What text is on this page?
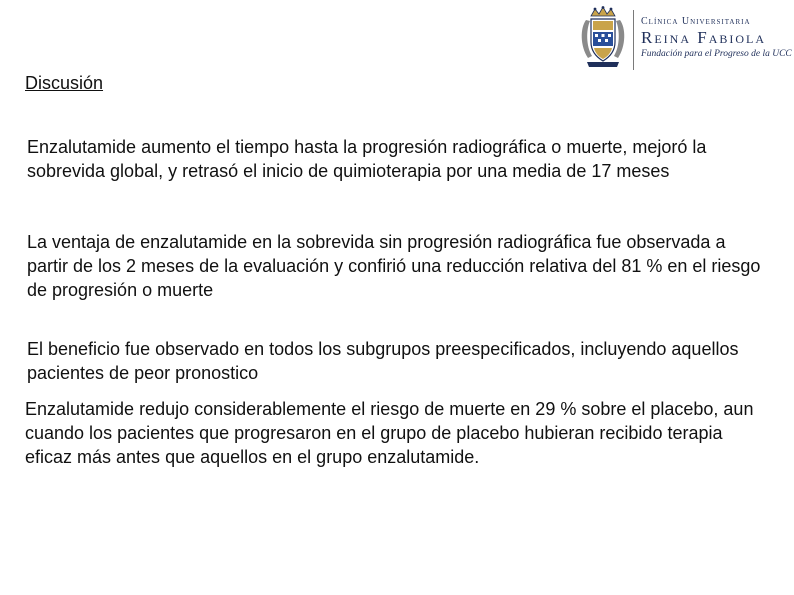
Clínica Universitaria
Reina Fabiola
Fundación para el Progreso de la UCC
Discusión

Enzalutamide aumento el tiempo hasta la progresión radiográfica o muerte, mejoró la sobrevida global, y retrasó el inicio de quimioterapia por una media de 17 meses

La ventaja de enzalutamide en la sobrevida sin progresión radiográfica fue observada a partir de los 2 meses de la evaluación y confirió una reducción relativa del 81 % en el riesgo de progresión o muerte

El beneficio fue observado en todos los subgrupos preespecificados, incluyendo aquellos pacientes de peor pronostico

Enzalutamide redujo considerablemente el riesgo de muerte en 29 % sobre el placebo, aun cuando los pacientes que progresaron en el grupo de placebo hubieran recibido terapia eficaz más antes que aquellos en el grupo enzalutamide.
